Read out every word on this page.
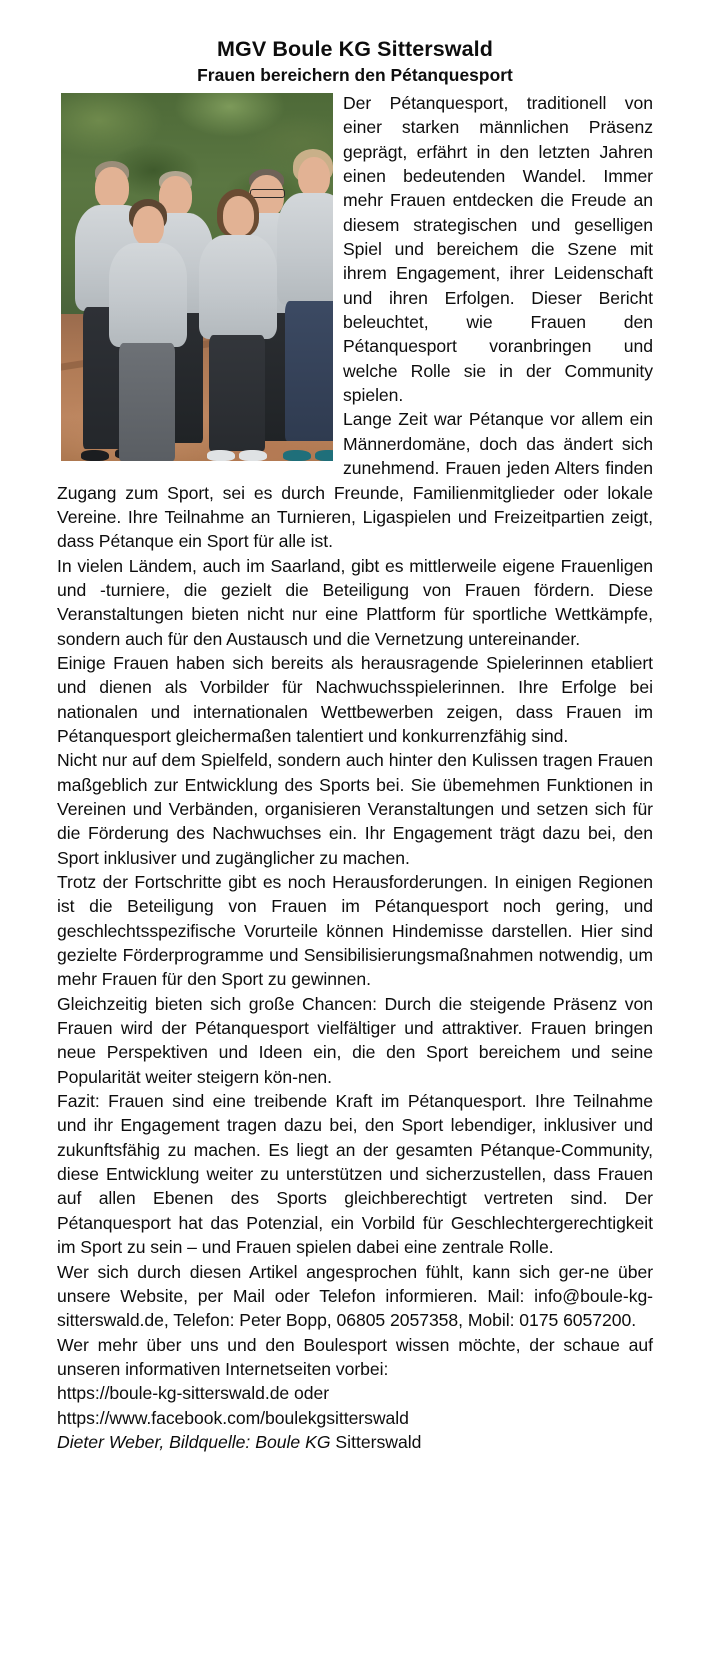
MGV Boule KG Sitterswald
Frauen bereichern den Pétanquesport

Der Pétanquesport, traditionell von einer starken männlichen Präsenz geprägt, erfährt in den letzten Jahren einen bedeutenden Wandel. Immer mehr Frauen entdecken die Freude an diesem strategischen und geselligen Spiel und bereichem die Szene mit ihrem Engagement, ihrer Leidenschaft und ihren Erfolgen. Dieser Bericht beleuchtet, wie Frauen den Pétanquesport voranbringen und welche Rolle sie in der Community spielen.

Lange Zeit war Pétanque vor allem ein Männerdomäne, doch das ändert sich zunehmend. Frauen jeden Alters finden Zugang zum Sport, sei es durch Freunde, Familienmitglieder oder lokale Vereine. Ihre Teilnahme an Turnieren, Ligaspielen und Freizeitpartien zeigt, dass Pétanque ein Sport für alle ist.

In vielen Ländem, auch im Saarland, gibt es mittlerweile eigene Frauenligen und -turniere, die gezielt die Beteiligung von Frauen fördern. Diese Veranstaltungen bieten nicht nur eine Plattform für sportliche Wettkämpfe, sondern auch für den Austausch und die Vernetzung untereinander.

Einige Frauen haben sich bereits als herausragende Spielerinnen etabliert und dienen als Vorbilder für Nachwuchsspielerinnen. Ihre Erfolge bei nationalen und internationalen Wettbewerben zeigen, dass Frauen im Pétanquesport gleichermaßen talentiert und konkurrenzfähig sind.

Nicht nur auf dem Spielfeld, sondern auch hinter den Kulissen tragen Frauen maßgeblich zur Entwicklung des Sports bei. Sie übemehmen Funktionen in Vereinen und Verbänden, organisieren Veranstaltungen und setzen sich für die Förderung des Nachwuchses ein. Ihr Engagement trägt dazu bei, den Sport inklusiver und zugänglicher zu machen.

Trotz der Fortschritte gibt es noch Herausforderungen. In einigen Regionen ist die Beteiligung von Frauen im Pétanquesport noch gering, und geschlechtsspezifische Vorurteile können Hindemisse darstellen. Hier sind gezielte Förderprogramme und Sensibilisierungsmaßnahmen notwendig, um mehr Frauen für den Sport zu gewinnen.

Gleichzeitig bieten sich große Chancen: Durch die steigende Präsenz von Frauen wird der Pétanquesport vielfältiger und attraktiver. Frauen bringen neue Perspektiven und Ideen ein, die den Sport bereichem und seine Popularität weiter steigern kön-nen.

Fazit: Frauen sind eine treibende Kraft im Pétanquesport. Ihre Teilnahme und ihr Engagement tragen dazu bei, den Sport lebendiger, inklusiver und zukunftsfähig zu machen. Es liegt an der gesamten Pétanque-Community, diese Entwicklung weiter zu unterstützen und sicherzustellen, dass Frauen auf allen Ebenen des Sports gleichberechtigt vertreten sind. Der Pétanquesport hat das Potenzial, ein Vorbild für Geschlechtergerechtigkeit im Sport zu sein – und Frauen spielen dabei eine zentrale Rolle.

Wer sich durch diesen Artikel angesprochen fühlt, kann sich ger-ne über unsere Website, per Mail oder Telefon informieren. Mail: info@boule-kg-sitterswald.de, Telefon: Peter Bopp, 06805 2057358, Mobil: 0175 6057200.

Wer mehr über uns und den Boulesport wissen möchte, der schaue auf unseren informativen Internetseiten vorbei:

https://boule-kg-sitterswald.de oder https://www.facebook.com/boulekgsitterswald

Dieter Weber, Bildquelle: Boule KG Sitterswald
